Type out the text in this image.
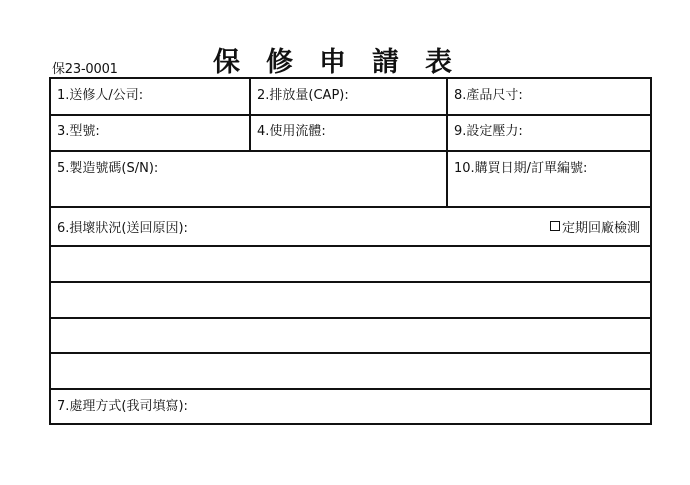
保23-0001	保修申請表
1.送修人/公司:	2.排放量(CAP):	8.產品尺寸:
3.型號:	4.使用流體:	9.設定壓力:
5.製造號碼(S/N):	10.購買日期/訂單編號:
6.損壞狀況(送回原因):	定期回廠檢測
7.處理方式(我司填寫):
